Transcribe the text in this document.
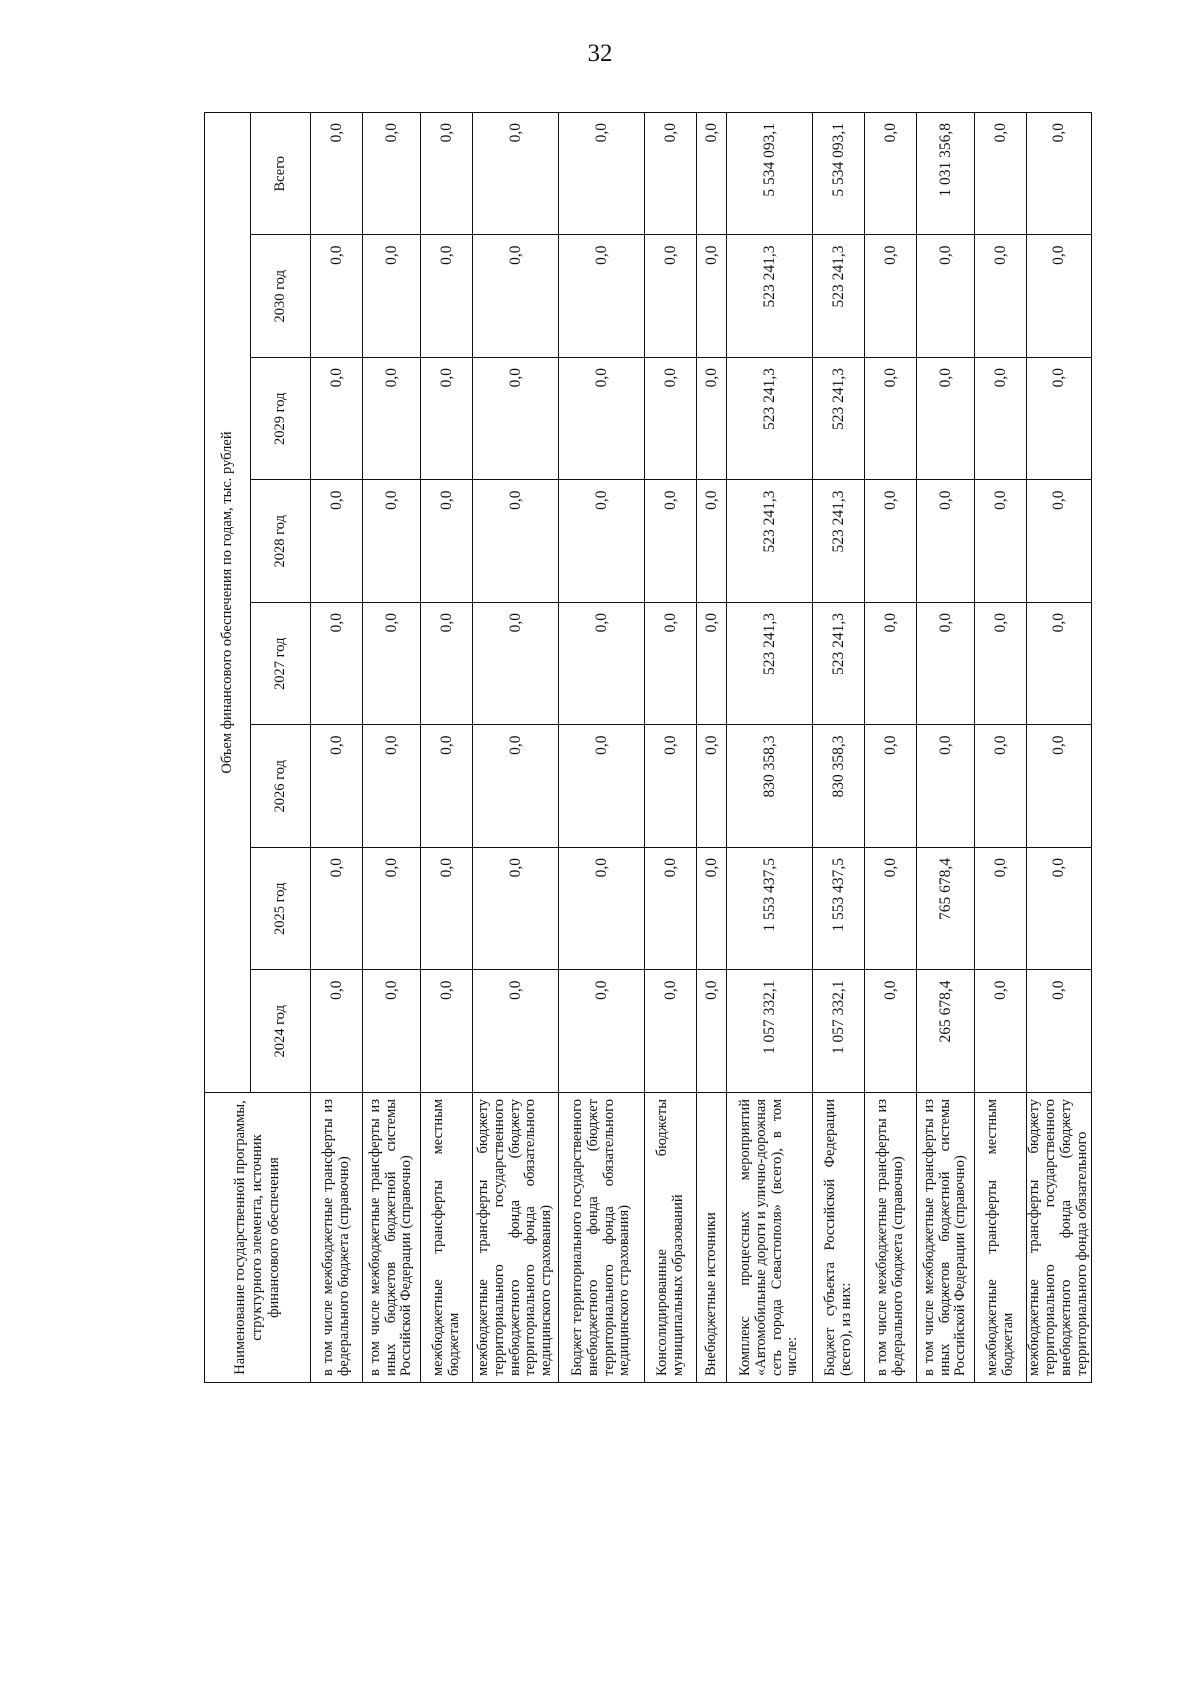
32
Наименование государственной программы, структурного элемента, источник финансового обеспечения	Объем финансового обеспечения по годам, тыс. рублей							
	2024 год	2025 год	2026 год	2027 год	2028 год	2029 год	2030 год	Всего
в том числе межбюджетные трансферты из федерального бюджета (справочно)	0,0	0,0	0,0	0,0	0,0	0,0	0,0	0,0
в том числе межбюджетные трансферты из иных бюджетов бюджетной системы Российской Федерации (справочно)	0,0	0,0	0,0	0,0	0,0	0,0	0,0	0,0
межбюджетные трансферты местным бюджетам	0,0	0,0	0,0	0,0	0,0	0,0	0,0	0,0
межбюджетные трансферты бюджету территориального государственного внебюджетного фонда (бюджету территориального фонда обязательного медицинского страхования)	0,0	0,0	0,0	0,0	0,0	0,0	0,0	0,0
Бюджет территориального государственного внебюджетного фонда (бюджет территориального фонда обязательного медицинского страхования)	0,0	0,0	0,0	0,0	0,0	0,0	0,0	0,0
Консолидированные бюджеты муниципальных образований	0,0	0,0	0,0	0,0	0,0	0,0	0,0	0,0
Внебюджетные источники	0,0	0,0	0,0	0,0	0,0	0,0	0,0	0,0
Комплекс процессных мероприятий «Автомобильные дороги и улично-дорожная сеть города Севастополя» (всего), в том числе:	1 057 332,1	1 553 437,5	830 358,3	523 241,3	523 241,3	523 241,3	523 241,3	5 534 093,1
Бюджет субъекта Российской Федерации (всего), из них:	1 057 332,1	1 553 437,5	830 358,3	523 241,3	523 241,3	523 241,3	523 241,3	5 534 093,1
в том числе межбюджетные трансферты из федерального бюджета (справочно)	0,0	0,0	0,0	0,0	0,0	0,0	0,0	0,0
в том числе межбюджетные трансферты из иных бюджетов бюджетной системы Российской Федерации (справочно)	265 678,4	765 678,4	0,0	0,0	0,0	0,0	0,0	1 031 356,8
межбюджетные трансферты местным бюджетам	0,0	0,0	0,0	0,0	0,0	0,0	0,0	0,0
межбюджетные трансферты бюджету территориального государственного внебюджетного фонда (бюджету территориального фонда обязательного	0,0	0,0	0,0	0,0	0,0	0,0	0,0	0,0
